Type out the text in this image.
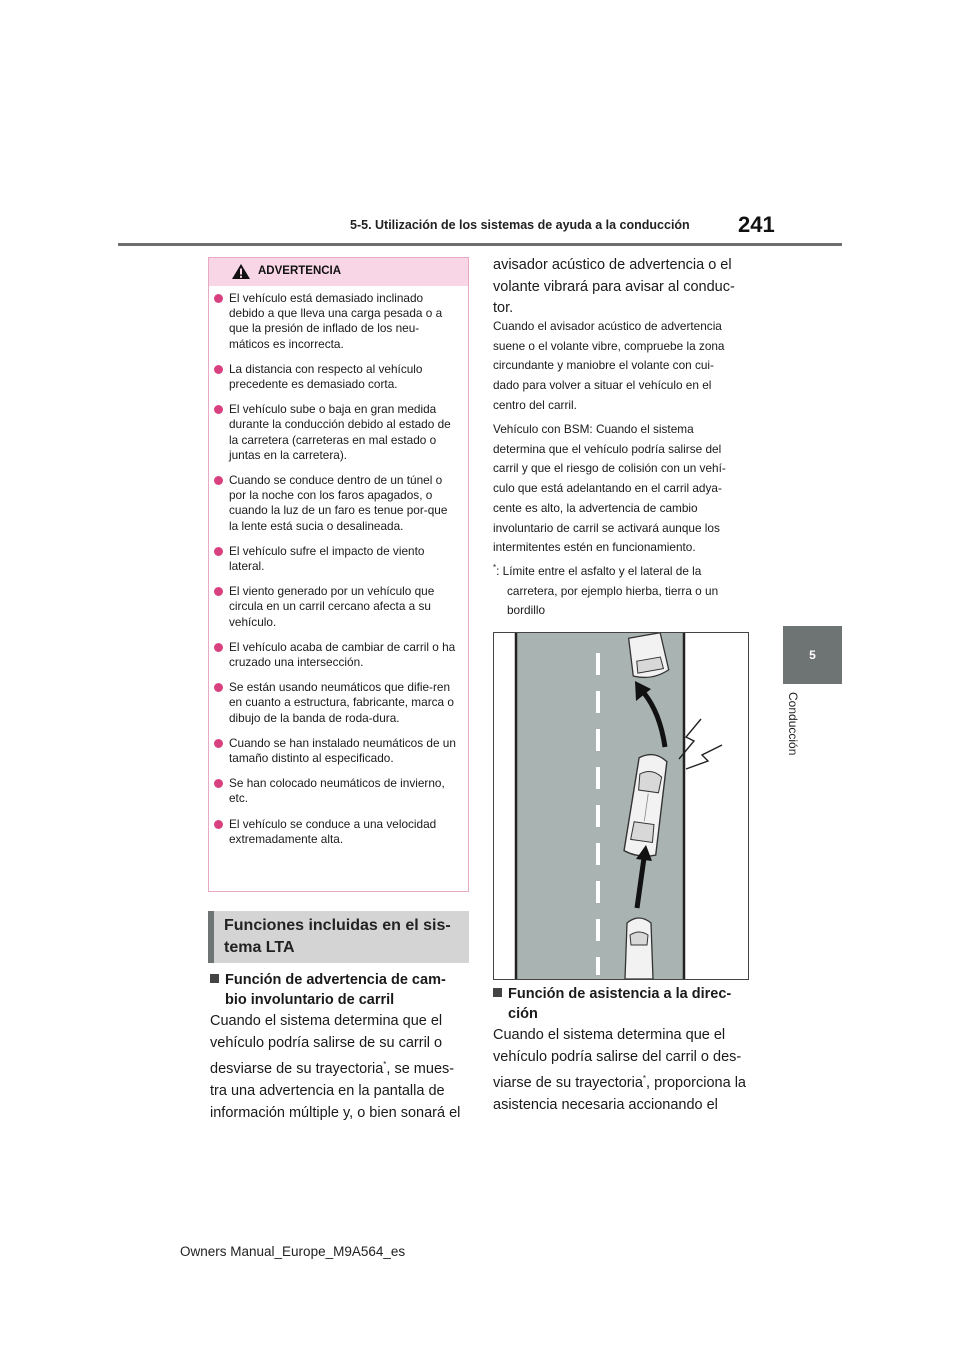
5-5. Utilización de los sistemas de ayuda a la conducción 241
5
Conducción
ADVERTENCIA
El vehículo está demasiado inclinado debido a que lleva una carga pesada o a que la presión de inflado de los neu-máticos es incorrecta.
La distancia con respecto al vehículo precedente es demasiado corta.
El vehículo sube o baja en gran medida durante la conducción debido al estado de la carretera (carreteras en mal estado o juntas en la carretera).
Cuando se conduce dentro de un túnel o por la noche con los faros apagados, o cuando la luz de un faro es tenue por-que la lente está sucia o desalineada.
El vehículo sufre el impacto de viento lateral.
El viento generado por un vehículo que circula en un carril cercano afecta a su vehículo.
El vehículo acaba de cambiar de carril o ha cruzado una intersección.
Se están usando neumáticos que difie-ren en cuanto a estructura, fabricante, marca o dibujo de la banda de roda-dura.
Cuando se han instalado neumáticos de un tamaño distinto al especificado.
Se han colocado neumáticos de invierno, etc.
El vehículo se conduce a una velocidad extremadamente alta.
Funciones incluidas en el sis-tema LTA
Función de advertencia de cam-
bio involuntario de carril
Cuando el sistema determina que el
vehículo podría salirse de su carril o
desviarse de su trayectoria*, se mues-
tra una advertencia en la pantalla de
información múltiple y, o bien sonará el
avisador acústico de advertencia o el
volante vibrará para avisar al conduc-
tor.
Cuando el avisador acústico de advertencia
suene o el volante vibre, compruebe la zona
circundante y maniobre el volante con cui-
dado para volver a situar el vehículo en el
centro del carril.
Vehículo con BSM: Cuando el sistema
determina que el vehículo podría salirse del
carril y que el riesgo de colisión con un vehí-
culo que está adelantando en el carril adya-
cente es alto, la advertencia de cambio
involuntario de carril se activará aunque los
intermitentes estén en funcionamiento.
*: Límite entre el asfalto y el lateral de la
carretera, por ejemplo hierba, tierra o un
bordillo
Función de asistencia a la direc-
ción
Cuando el sistema determina que el
vehículo podría salirse del carril o des-
viarse de su trayectoria*, proporciona la
asistencia necesaria accionando el
Owners Manual_Europe_M9A564_es
